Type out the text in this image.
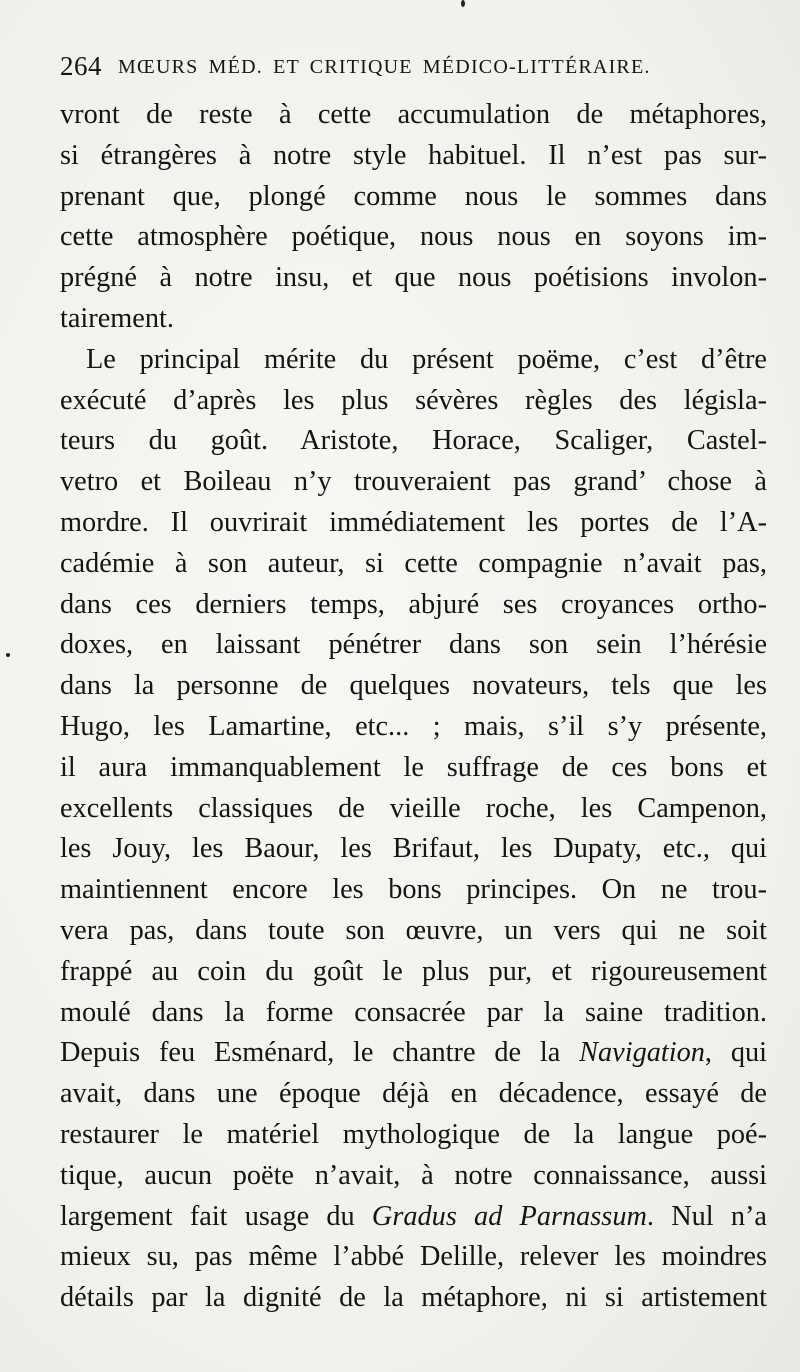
264 MŒURS MÉD. ET CRITIQUE MÉDICO-LITTÉRAIRE.
vront de reste à cette accumulation de métaphores,
si étrangères à notre style habituel. Il n’est pas sur-
prenant que, plongé comme nous le sommes dans
cette atmosphère poétique, nous nous en soyons im-
prégné à notre insu, et que nous poétisions involon-
tairement.
Le principal mérite du présent poëme, c’est d’être
exécuté d’après les plus sévères règles des législa-
teurs du goût. Aristote, Horace, Scaliger, Castel-
vetro et Boileau n’y trouveraient pas grand’ chose à
mordre. Il ouvrirait immédiatement les portes de l’A-
cadémie à son auteur, si cette compagnie n’avait pas,
dans ces derniers temps, abjuré ses croyances ortho-
doxes, en laissant pénétrer dans son sein l’hérésie
dans la personne de quelques novateurs, tels que les
Hugo, les Lamartine, etc... ; mais, s’il s’y présente,
il aura immanquablement le suffrage de ces bons et
excellents classiques de vieille roche, les Campenon,
les Jouy, les Baour, les Brifaut, les Dupaty, etc., qui
maintiennent encore les bons principes. On ne trou-
vera pas, dans toute son œuvre, un vers qui ne soit
frappé au coin du goût le plus pur, et rigoureusement
moulé dans la forme consacrée par la saine tradition.
Depuis feu Esménard, le chantre de la Navigation, qui
avait, dans une époque déjà en décadence, essayé de
restaurer le matériel mythologique de la langue poé-
tique, aucun poëte n’avait, à notre connaissance, aussi
largement fait usage du Gradus ad Parnassum. Nul n’a
mieux su, pas même l’abbé Delille, relever les moindres
détails par la dignité de la métaphore, ni si artistement
